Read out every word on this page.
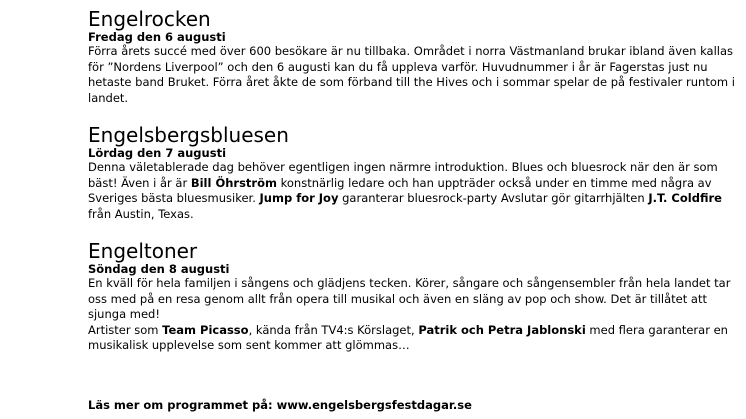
Engelrocken

Fredag den 6 augusti

Förra årets succé med över 600 besökare är nu tillbaka. Området i norra Västmanland brukar ibland även kallas för ”Nordens Liverpool” och den 6 augusti kan du få uppleva varför. Huvudnummer i år är Fagerstas just nu hetaste band Bruket. Förra året åkte de som förband till the Hives och i sommar spelar de på festivaler runtom i landet.

Engelsbergsbluesen

Lördag den 7 augusti

Denna väletablerade dag behöver egentligen ingen närmre introduktion. Blues och bluesrock när den är som bäst! Även i år är Bill Öhrström konstnärlig ledare och han uppträder också under en timme med några av Sveriges bästa bluesmusiker. Jump for Joy garanterar bluesrock-party Avslutar gör gitarrhjälten J.T. Coldfire från Austin, Texas.

Engeltoner

Söndag den 8 augusti

En kväll för hela familjen i sångens och glädjens tecken. Körer, sångare och sångensembler från hela landet tar oss med på en resa genom allt från opera till musikal och även en släng av pop och show. Det är tillåtet att sjunga med!

Artister som Team Picasso, kända från TV4:s Körslaget, Patrik och Petra Jablonski med flera garanterar en musikalisk upplevelse som sent kommer att glömmas…

Läs mer om programmet på: www.engelsbergsfestdagar.se
